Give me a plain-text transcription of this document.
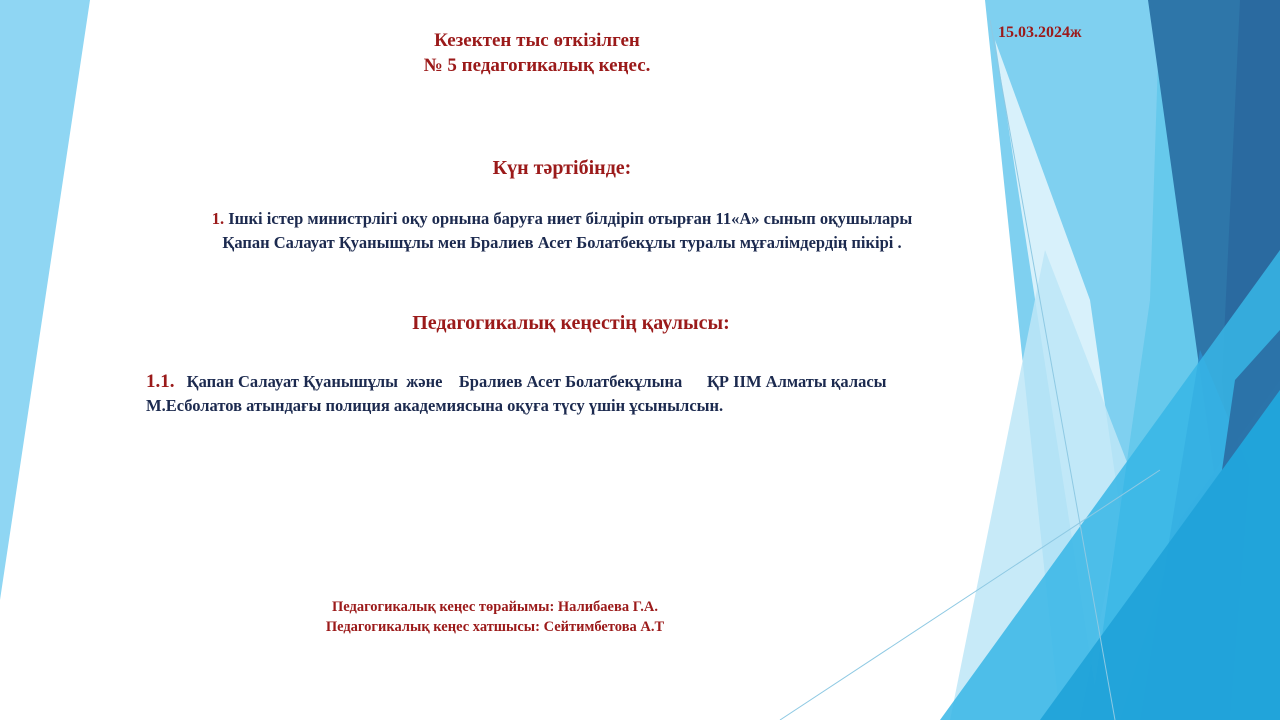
Кезектен тыс өткізілген
№ 5 педагогикалық кеңес.
15.03.2024ж
Күн тәртібінде:
1. Ішкі істер министрлігі оқу орнына баруға ниет білдіріп отырған 11«А» сынып оқушылары
Қапан Салауат Қуанышұлы мен Бралиев Асет Болатбекұлы туралы мұғалімдердің пікірі .
Педагогикалық кеңестің қаулысы:
1.1. Қапан Салауат Қуанышұлы  және    Бралиев Асет Болатбекұлына      ҚР ІІМ Алматы қаласы
М.Есболатов атындағы полиция академиясына оқуға түсу үшін ұсынылсын.
Педагогикалық кеңес төрайымы: Налибаева Г.А.
Педагогикалық кеңес хатшысы: Сейтимбетова А.Т
